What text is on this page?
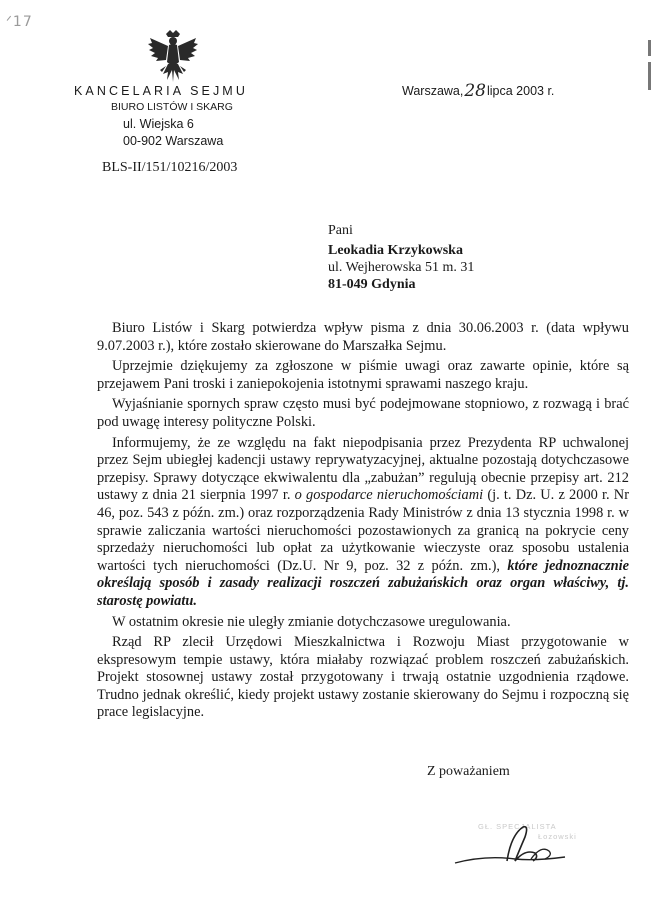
ᐟ17
KANCELARIA SEJMU
BIURO LISTÓW I SKARG
ul. Wiejska 6
00-902 Warszawa
BLS-II/151/10216/2003
Warszawa,28lipca 2003 r.
Pani
Leokadia Krzykowska
ul. Wejherowska 51 m. 31
81-049 Gdynia

Biuro Listów i Skarg potwierdza wpływ pisma z dnia 30.06.2003 r. (data wpływu 9.07.2003 r.), które zostało skierowane do Marszałka Sejmu.

Uprzejmie dziękujemy za zgłoszone w piśmie uwagi oraz zawarte opinie, które są przejawem Pani troski i zaniepokojenia istotnymi sprawami naszego kraju.

Wyjaśnianie spornych spraw często musi być podejmowane stopniowo, z rozwagą i brać pod uwagę interesy polityczne Polski.

Informujemy, że ze względu na fakt niepodpisania przez Prezydenta RP uchwalonej przez Sejm ubiegłej kadencji ustawy reprywatyzacyjnej, aktualne pozostają dotychczasowe przepisy. Sprawy dotyczące ekwiwalentu dla „zabużan” regulują obecnie przepisy art. 212 ustawy z dnia 21 sierpnia 1997 r. o gospodarce nieruchomościami (j. t. Dz. U. z 2000 r. Nr 46, poz. 543 z późn. zm.) oraz rozporządzenia Rady Ministrów z dnia 13 stycznia 1998 r. w sprawie zaliczania wartości nieruchomości pozostawionych za granicą na pokrycie ceny sprzedaży nieruchomości lub opłat za użytkowanie wieczyste oraz sposobu ustalenia wartości tych nieruchomości (Dz.U. Nr 9, poz. 32 z późn. zm.), które jednoznacznie określają sposób i zasady realizacji roszczeń zabużańskich oraz organ właściwy, tj. starostę powiatu.

W ostatnim okresie nie uległy zmianie dotychczasowe uregulowania.

Rząd RP zlecił Urzędowi Mieszkalnictwa i Rozwoju Miast przygotowanie w ekspresowym tempie ustawy, która miałaby rozwiązać problem roszczeń zabużańskich. Projekt stosownej ustawy został przygotowany i trwają ostatnie uzgodnienia rządowe. Trudno jednak określić, kiedy projekt ustawy zostanie skierowany do Sejmu i rozpoczną się prace legislacyjne.

Z poważaniem
GŁ. SPECJALISTA
Łozowski
